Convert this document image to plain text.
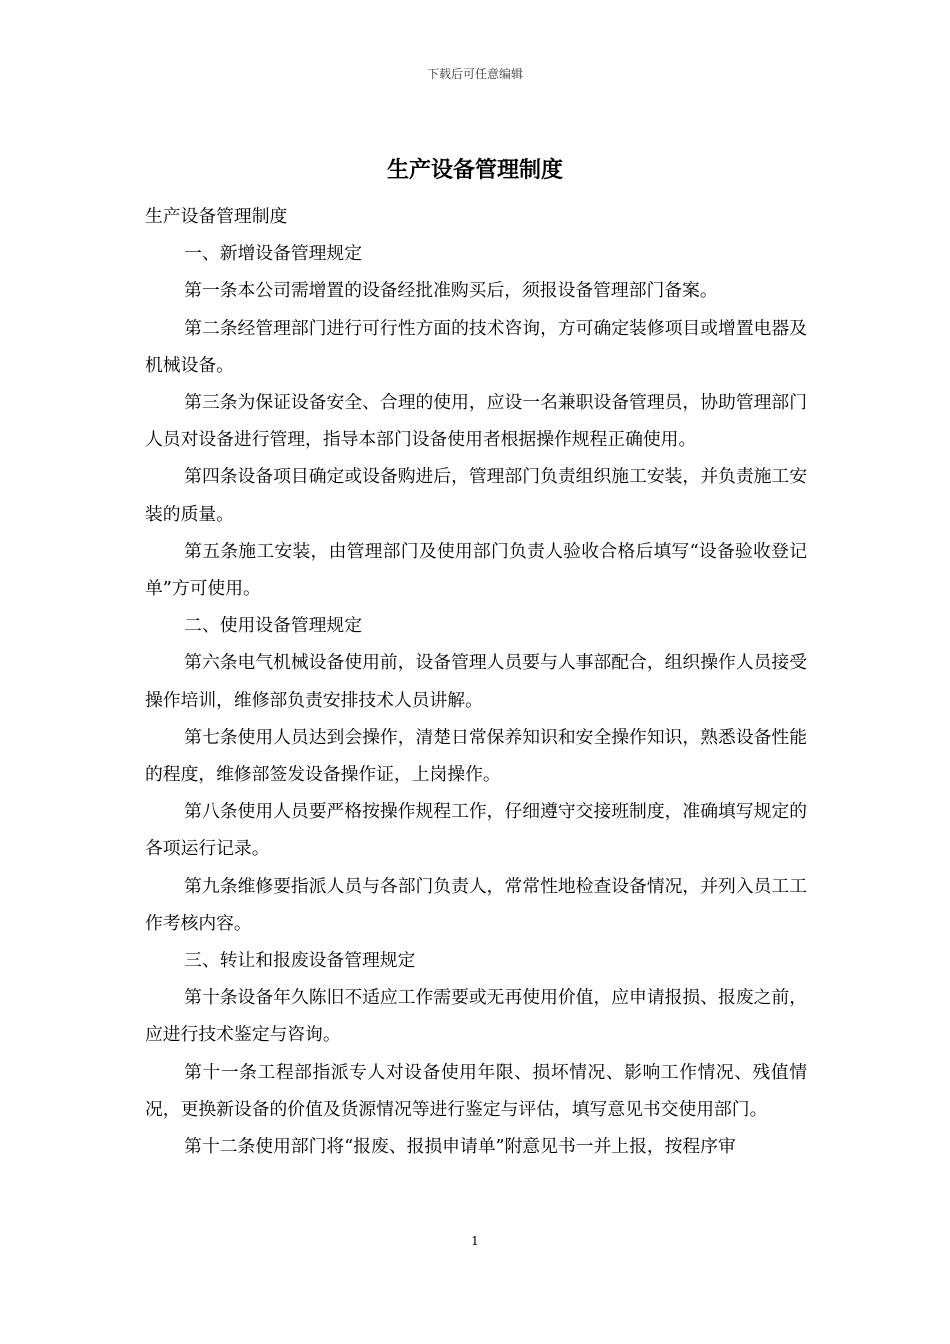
下载后可任意编辑
生产设备管理制度

生产设备管理制度

一、新增设备管理规定

第一条本公司需增置的设备经批准购买后，须报设备管理部门备案。

第二条经管理部门进行可行性方面的技术咨询，方可确定装修项目或增置电器及机械设备。

第三条为保证设备安全、合理的使用，应设一名兼职设备管理员，协助管理部门人员对设备进行管理，指导本部门设备使用者根据操作规程正确使用。

第四条设备项目确定或设备购进后，管理部门负责组织施工安装，并负责施工安装的质量。

第五条施工安装，由管理部门及使用部门负责人验收合格后填写“设备验收登记单”方可使用。

二、使用设备管理规定

第六条电气机械设备使用前，设备管理人员要与人事部配合，组织操作人员接受操作培训，维修部负责安排技术人员讲解。

第七条使用人员达到会操作，清楚日常保养知识和安全操作知识，熟悉设备性能的程度，维修部签发设备操作证，上岗操作。

第八条使用人员要严格按操作规程工作，仔细遵守交接班制度，准确填写规定的各项运行记录。

第九条维修要指派人员与各部门负责人，常常性地检查设备情况，并列入员工工作考核内容。

三、转让和报废设备管理规定

第十条设备年久陈旧不适应工作需要或无再使用价值，应申请报损、报废之前，应进行技术鉴定与咨询。

第十一条工程部指派专人对设备使用年限、损坏情况、影响工作情况、残值情况，更换新设备的价值及货源情况等进行鉴定与评估，填写意见书交使用部门。

第十二条使用部门将“报废、报损申请单”附意见书一并上报，按程序审

1
